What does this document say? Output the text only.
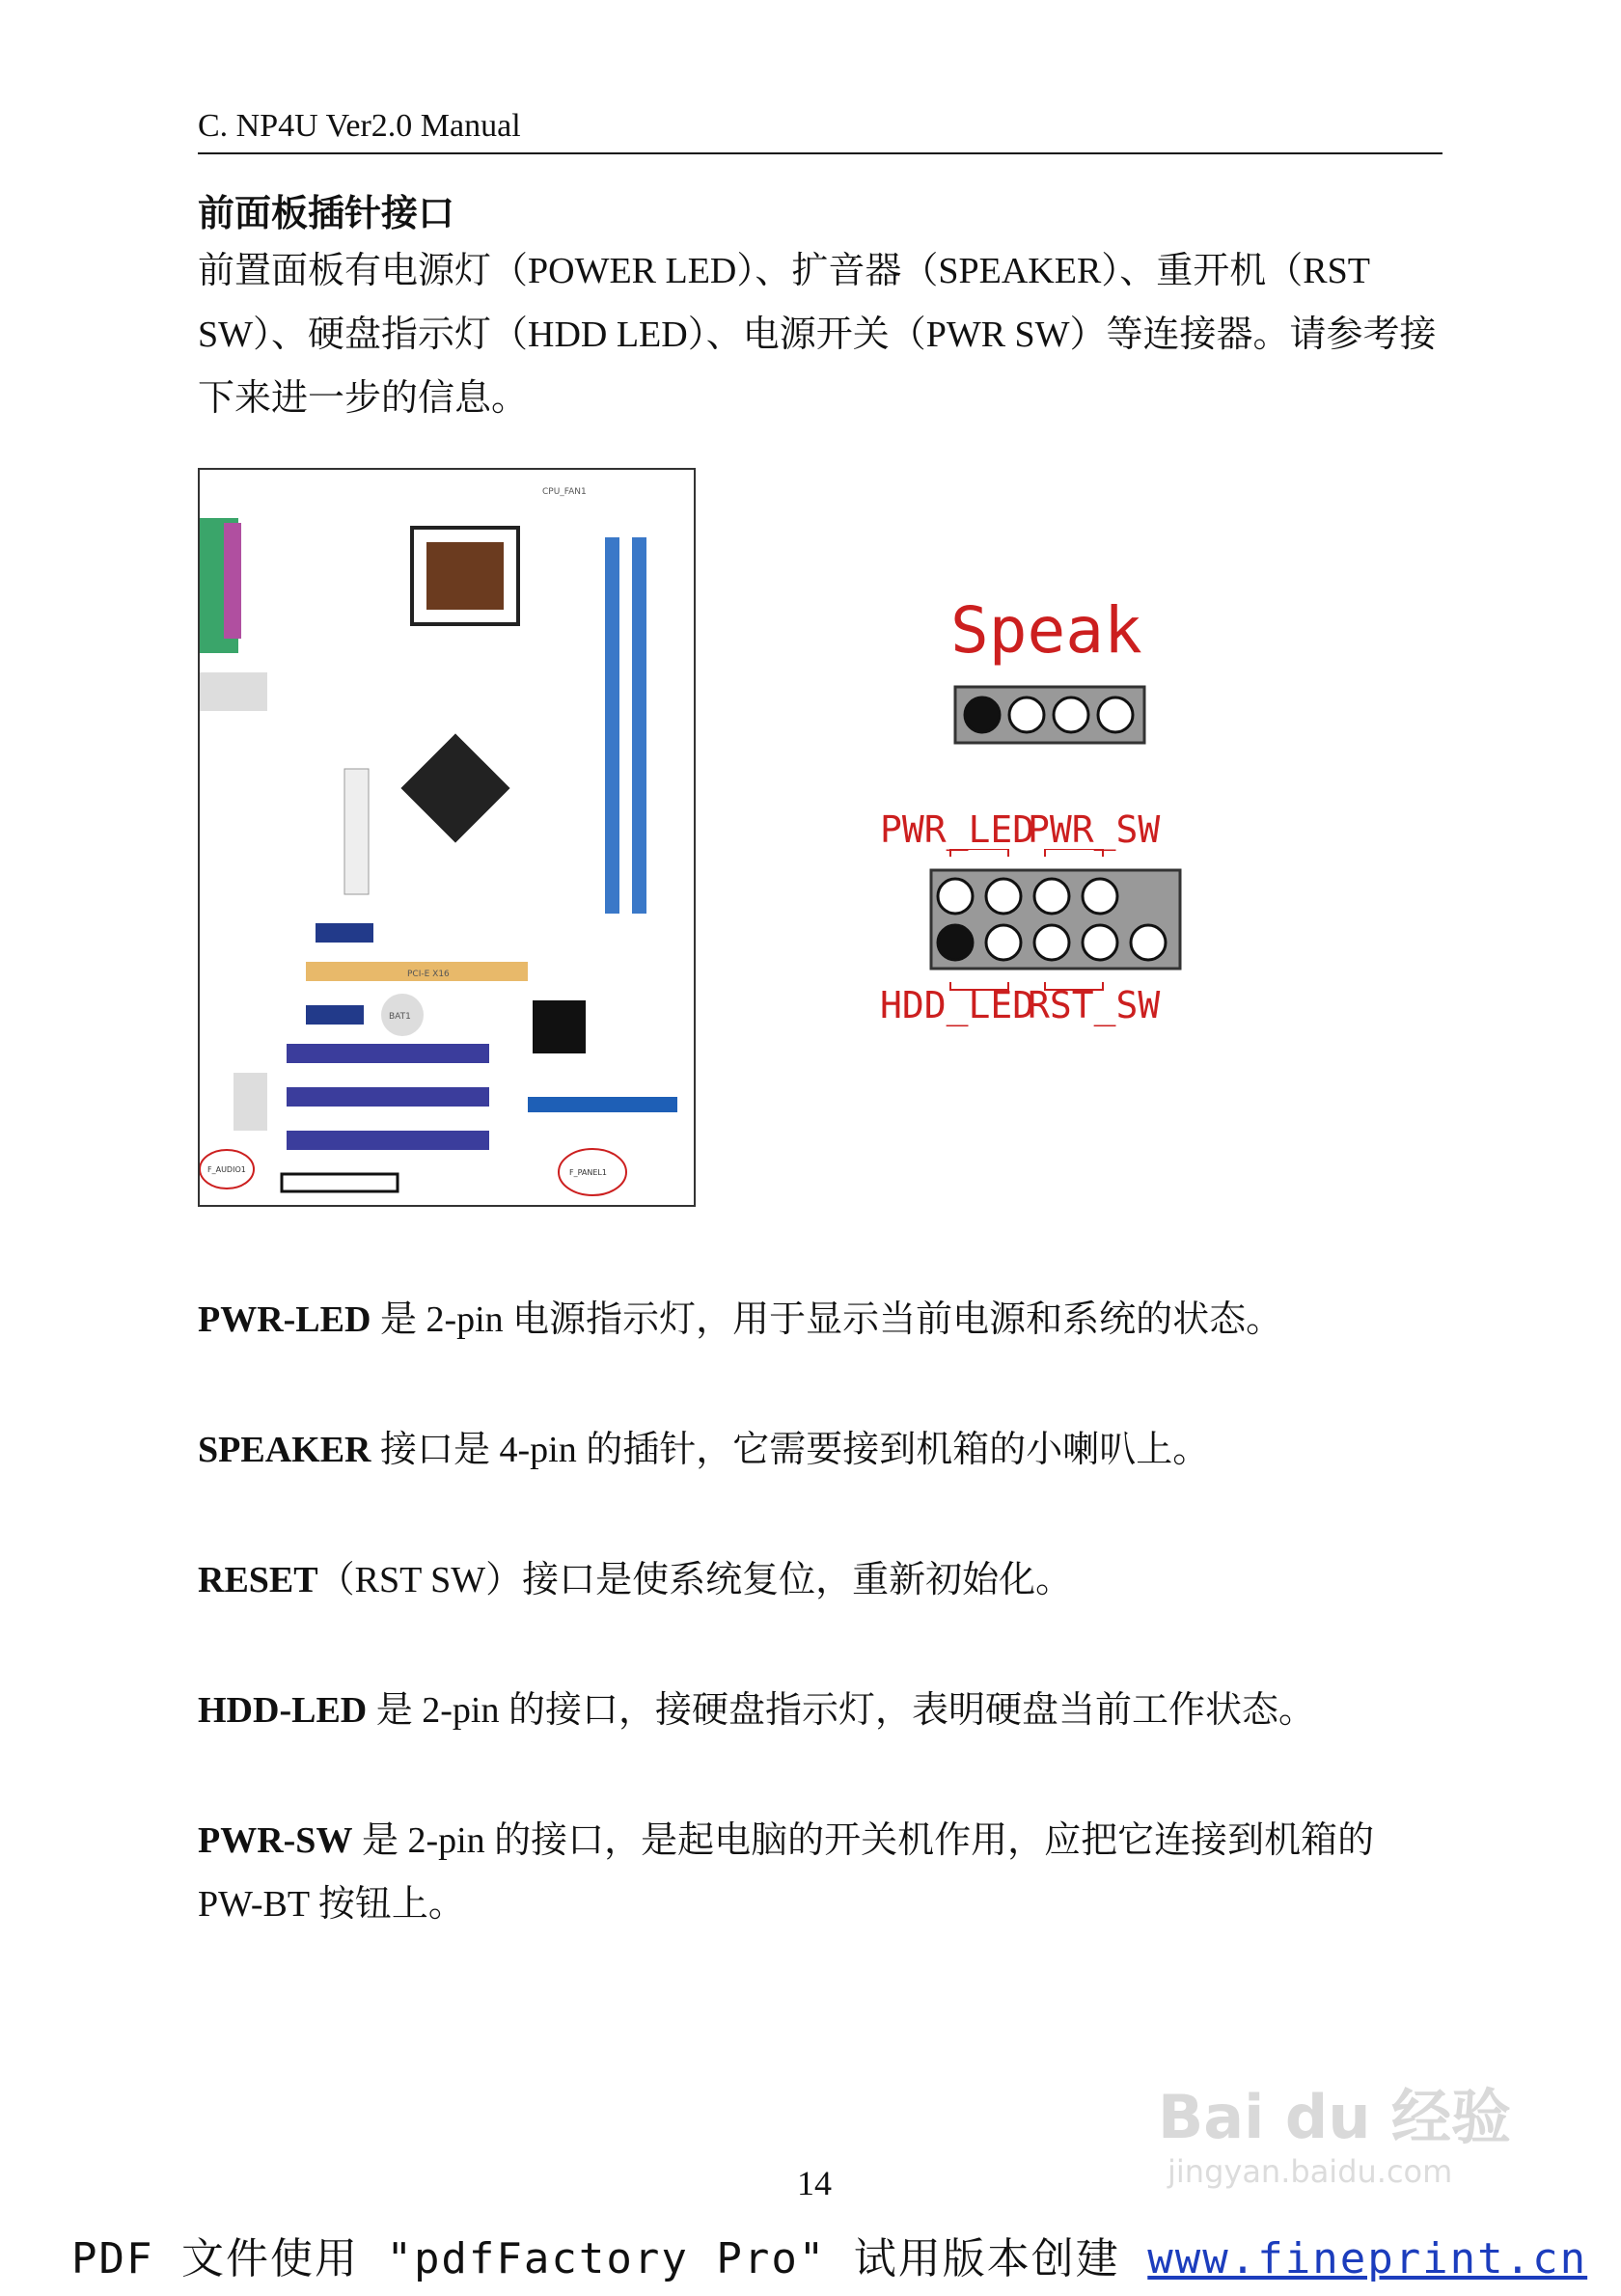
C. NP4U Ver2.0 Manual
前面板插针接口
前置面板有电源灯（POWER LED）、扩音器（SPEAKER）、重开机（RST SW）、硬盘指示灯（HDD LED）、电源开关（PWR SW）等连接器。请参考接下来进一步的信息。
PCI-E X16
BAT1
F_AUDIO1	F_PANEL1
CPU_FAN1
Speak
PWR_LED
PWR_SW
HDD_LED
RST_SW
PWR-LED 是 2-pin 电源指示灯，用于显示当前电源和系统的状态。
SPEAKER 接口是 4-pin 的插针，它需要接到机箱的小喇叭上。
RESET（RST SW）接口是使系统复位，重新初始化。
HDD-LED 是 2-pin 的接口，接硬盘指示灯，表明硬盘当前工作状态。
PWR-SW 是 2-pin 的接口，是起电脑的开关机作用，应把它连接到机箱的 PW-BT 按钮上。
Bai du 经验
jingyan.baidu.com
14
PDF 文件使用 "pdfFactory Pro" 试用版本创建 www.fineprint.cn
